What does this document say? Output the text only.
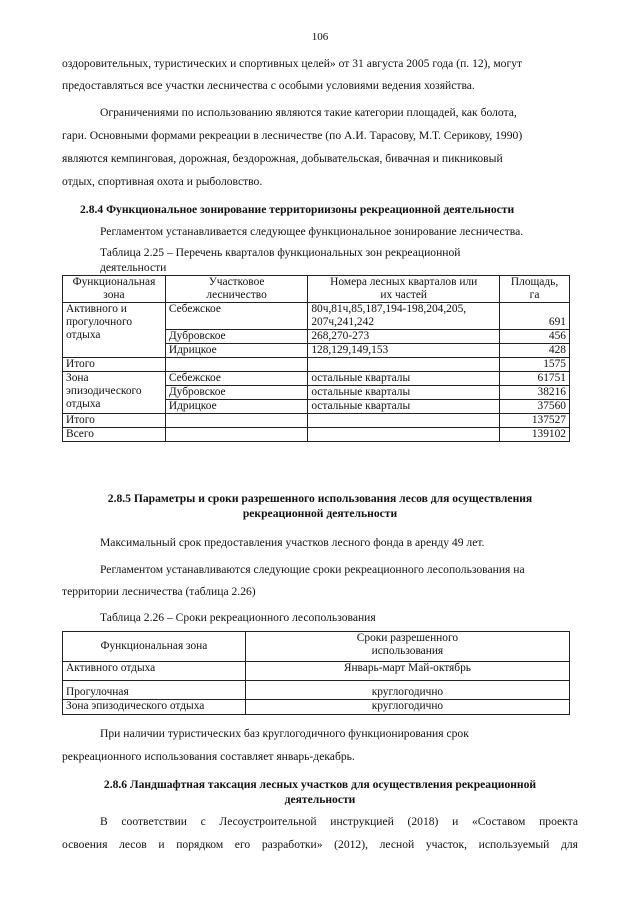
106
оздоровительных, туристических и спортивных целей» от 31 августа 2005 года (п. 12), могут
предоставляться все участки лесничества с особыми условиями ведения хозяйства.
Ограничениями по использованию являются такие категории площадей, как болота,
гари. Основными формами рекреации в лесничестве (по А.И. Тарасову, М.Т. Серикову, 1990)
являются кемпинговая, дорожная, бездорожная, добывательская, бивачная и пикниковый
отдых, спортивная охота и рыболовство.
2.8.4 Функциональное зонирование территориизоны рекреационной деятельности
Регламентом устанавливается следующее функциональное зонирование лесничества.
Таблица 2.25 – Перечень кварталов функциональных зон рекреационной
деятельности
Функциональная
зона	Участковое
лесничество	Номера лесных кварталов или
их частей	Площадь,
га
Активного и
прогулочного
отдыха	Себежское	80ч,81ч,85,187,194-198,204,205,
207ч,241,242	691
	Дубровское	268,270-273	456
	Идрицкое	128,129,149,153	428
Итого			1575
Зона
эпизодического
отдыха	Себежское	остальные кварталы	61751
	Дубровское	остальные кварталы	38216
	Идрицкое	остальные кварталы	37560
Итого			137527
Всего			139102
2.8.5 Параметры и сроки разрешенного использования лесов для осуществления
рекреационной деятельности
Максимальный срок предоставления участков лесного фонда в аренду 49 лет.
Регламентом устанавливаются следующие сроки рекреационного лесопользования на
территории лесничества (таблица 2.26)
Таблица 2.26 – Сроки рекреационного лесопользования
Функциональная зона	Сроки разрешенного
использования
Активного отдыха	Январь-март Май-октябрь
Прогулочная	круглогодично
Зона эпизодического отдыха	круглогодично
При наличии туристических баз круглогодичного функционирования срок
рекреационного использования составляет январь-декабрь.
2.8.6 Ландшафтная таксация лесных участков для осуществления рекреационной
деятельности
В соответствии с Лесоустроительной инструкцией (2018) и «Составом проекта
освоения лесов и порядком его разработки» (2012), лесной участок, используемый для
